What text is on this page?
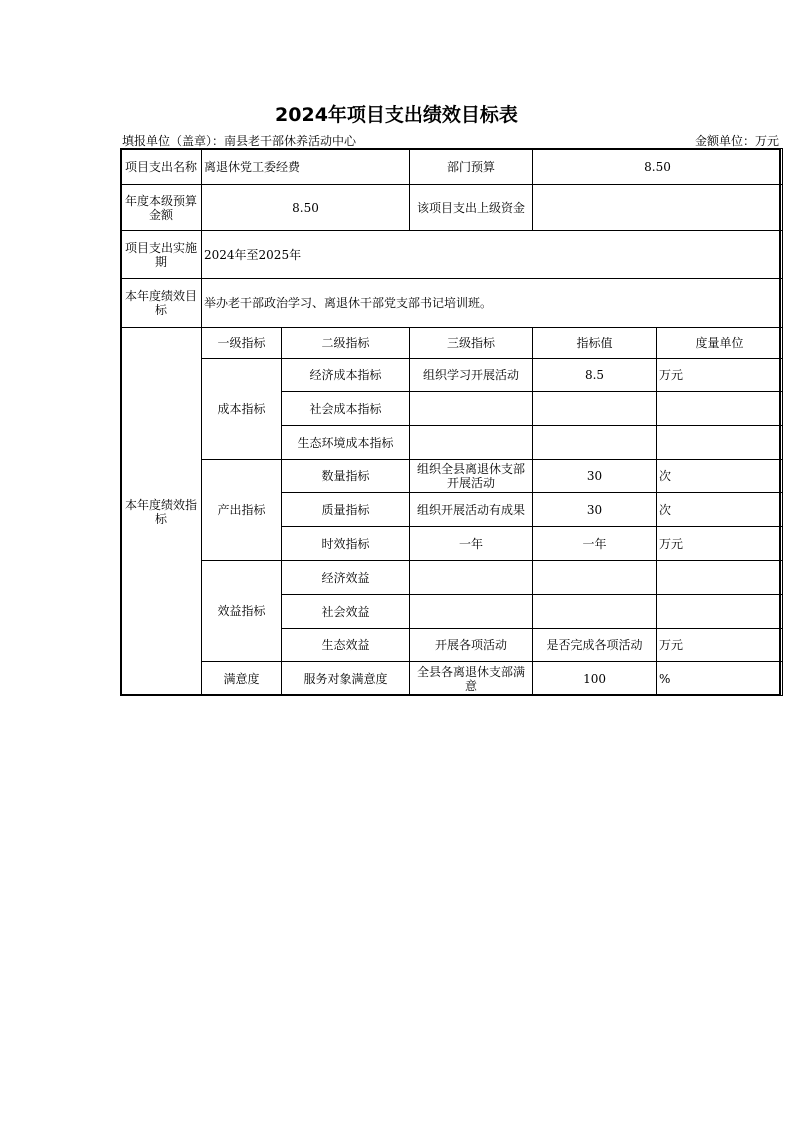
2024年项目支出绩效目标表
填报单位（盖章）：南县老干部休养活动中心	金额单位：万元
项目支出名称	离退休党工委经费		部门预算	8.50	
年度本级预算金额	8.50		该项目支出上级资金		
项目支出实施期	2024年至2025年				
本年度绩效目标	举办老干部政治学习、离退休干部党支部书记培训班。				
本年度绩效指标	一级指标	二级指标	三级指标	指标值	度量单位
	成本指标	经济成本指标	组织学习开展活动	8.5	万元
		社会成本指标			
		生态环境成本指标			
	产出指标	数量指标	组织全县离退休支部开展活动	30	次
		质量指标	组织开展活动有成果	30	次
		时效指标	一年	一年	万元
	效益指标	经济效益			
		社会效益			
		生态效益	开展各项活动	是否完成各项活动	万元
	满意度	服务对象满意度	全县各离退休支部满意	100	%
